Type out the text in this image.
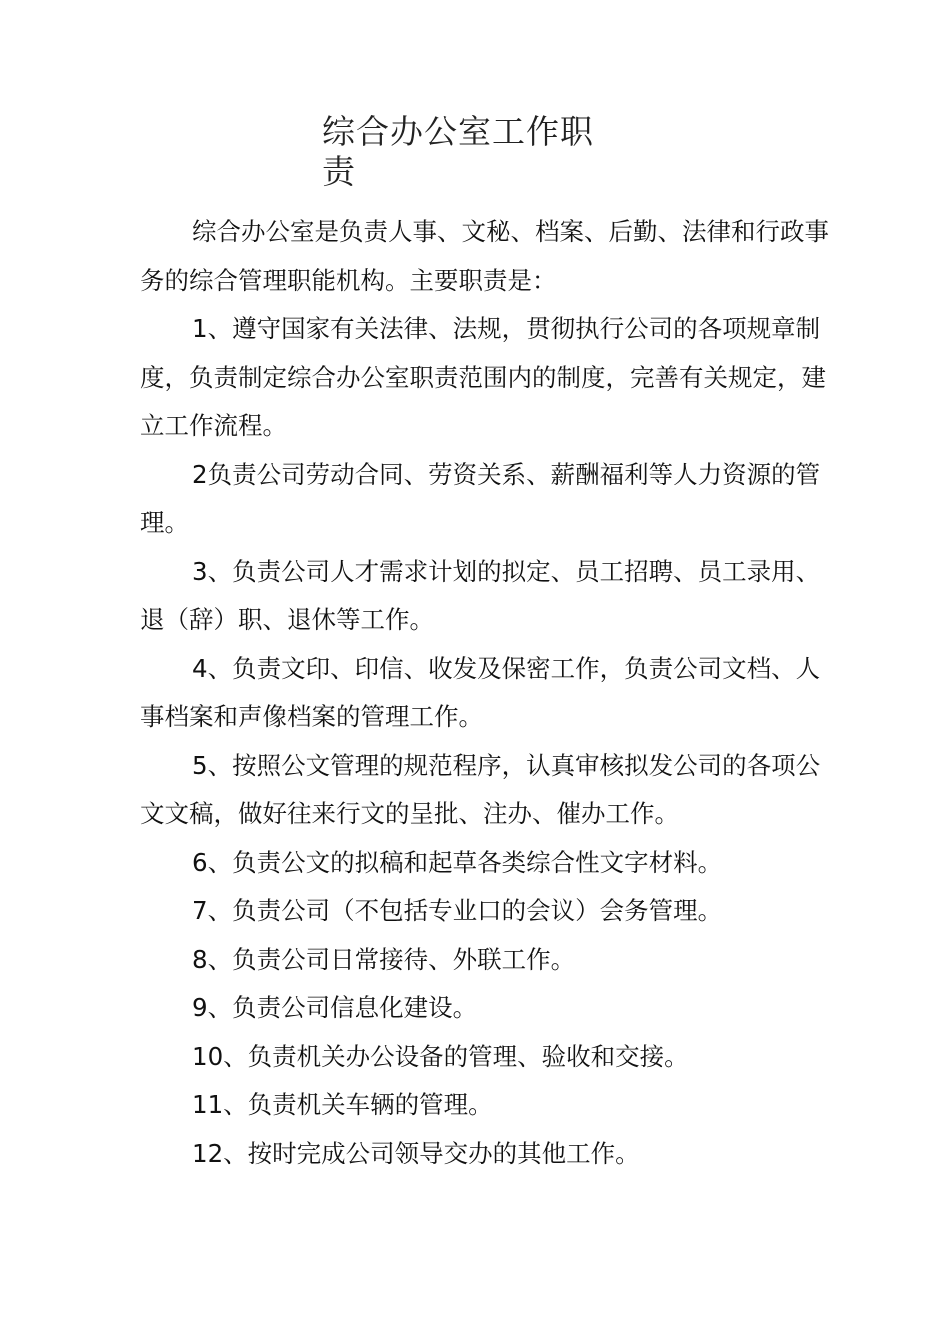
综合办公室工作职责

综合办公室是负责人事、文秘、档案、后勤、法律和行政事务的综合管理职能机构。主要职责是：

1、遵守国家有关法律、法规，贯彻执行公司的各项规章制度，负责制定综合办公室职责范围内的制度，完善有关规定，建立工作流程。

2负责公司劳动合同、劳资关系、薪酬福利等人力资源的管理。

3、负责公司人才需求计划的拟定、员工招聘、员工录用、退（辞）职、退休等工作。

4、负责文印、印信、收发及保密工作，负责公司文档、人事档案和声像档案的管理工作。

5、按照公文管理的规范程序，认真审核拟发公司的各项公文文稿，做好往来行文的呈批、注办、催办工作。

6、负责公文的拟稿和起草各类综合性文字材料。

7、负责公司（不包括专业口的会议）会务管理。

8、负责公司日常接待、外联工作。

9、负责公司信息化建设。

10、负责机关办公设备的管理、验收和交接。

11、负责机关车辆的管理。

12、按时完成公司领导交办的其他工作。
